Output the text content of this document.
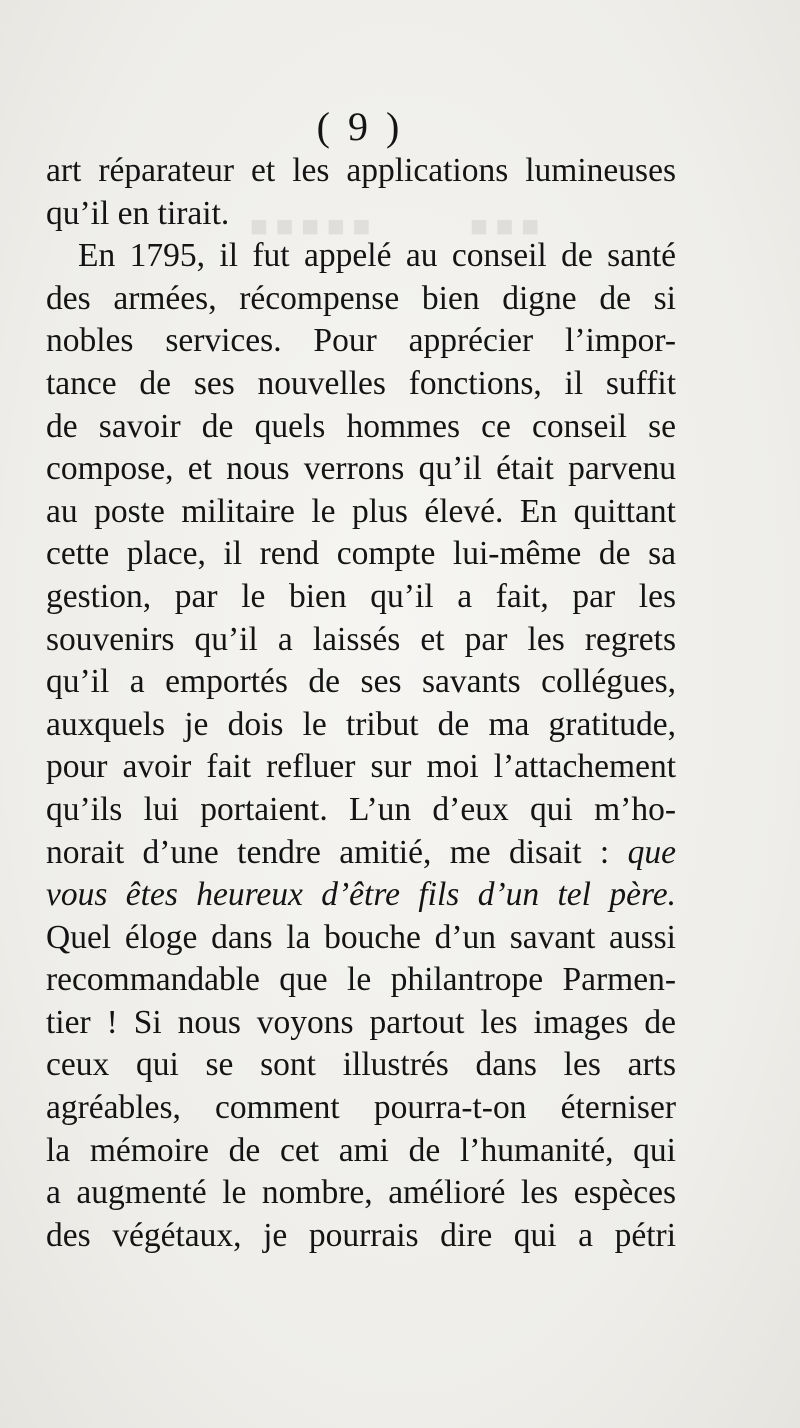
■ ■ ■ ■ ■	■ ■ ■
( 9 )
art réparateur et les applications lumineuses
qu’il en tirait.
En 1795, il fut appelé au conseil de santé
des armées, récompense bien digne de si
nobles services. Pour apprécier l’impor-
tance de ses nouvelles fonctions, il suffit
de savoir de quels hommes ce conseil se
compose, et nous verrons qu’il était parvenu
au poste militaire le plus élevé. En quittant
cette place, il rend compte lui-même de sa
gestion, par le bien qu’il a fait, par les
souvenirs qu’il a laissés et par les regrets
qu’il a emportés de ses savants collégues,
auxquels je dois le tribut de ma gratitude,
pour avoir fait refluer sur moi l’attachement
qu’ils lui portaient. L’un d’eux qui m’ho-
norait d’une tendre amitié, me disait : que
vous êtes heureux d’être fils d’un tel père.
Quel éloge dans la bouche d’un savant aussi
recommandable que le philantrope Parmen-
tier ! Si nous voyons partout les images de
ceux qui se sont illustrés dans les arts
agréables, comment pourra-t-on éterniser
la mémoire de cet ami de l’humanité, qui
a augmenté le nombre, amélioré les espèces
des végétaux, je pourrais dire qui a pétri
